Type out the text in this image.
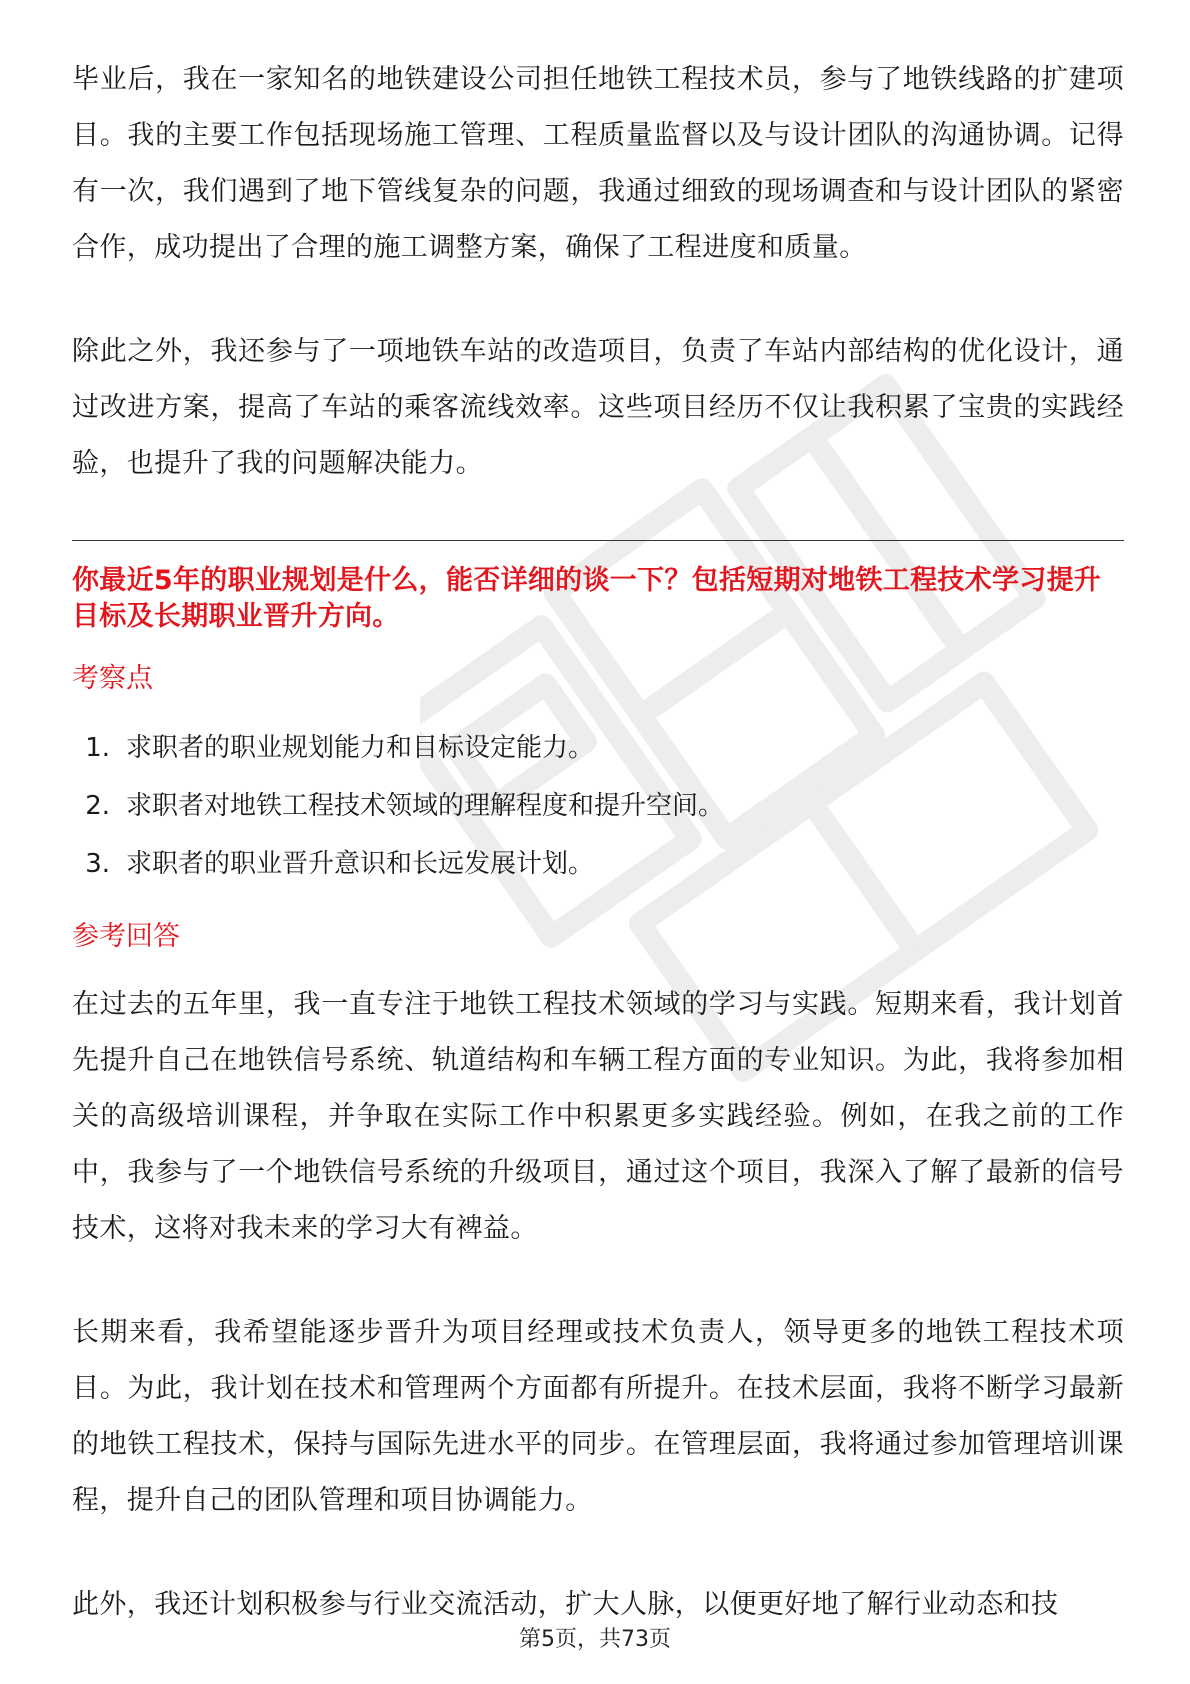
毕业后，我在一家知名的地铁建设公司担任地铁工程技术员，参与了地铁线路的扩建项目。我的主要工作包括现场施工管理、工程质量监督以及与设计团队的沟通协调。记得有一次，我们遇到了地下管线复杂的问题，我通过细致的现场调查和与设计团队的紧密合作，成功提出了合理的施工调整方案，确保了工程进度和质量。

除此之外，我还参与了一项地铁车站的改造项目，负责了车站内部结构的优化设计，通过改进方案，提高了车站的乘客流线效率。这些项目经历不仅让我积累了宝贵的实践经验，也提升了我的问题解决能力。

你最近5年的职业规划是什么，能否详细的谈一下？包括短期对地铁工程技术学习提升目标及长期职业晋升方向。
考察点
1. 求职者的职业规划能力和目标设定能力。
2. 求职者对地铁工程技术领域的理解程度和提升空间。
3. 求职者的职业晋升意识和长远发展计划。
参考回答

在过去的五年里，我一直专注于地铁工程技术领域的学习与实践。短期来看，我计划首先提升自己在地铁信号系统、轨道结构和车辆工程方面的专业知识。为此，我将参加相关的高级培训课程，并争取在实际工作中积累更多实践经验。例如，在我之前的工作中，我参与了一个地铁信号系统的升级项目，通过这个项目，我深入了解了最新的信号技术，这将对我未来的学习大有裨益。

长期来看，我希望能逐步晋升为项目经理或技术负责人，领导更多的地铁工程技术项目。为此，我计划在技术和管理两个方面都有所提升。在技术层面，我将不断学习最新的地铁工程技术，保持与国际先进水平的同步。在管理层面，我将通过参加管理培训课程，提升自己的团队管理和项目协调能力。

此外，我还计划积极参与行业交流活动，扩大人脉，以便更好地了解行业动态和技

第5页，共73页
